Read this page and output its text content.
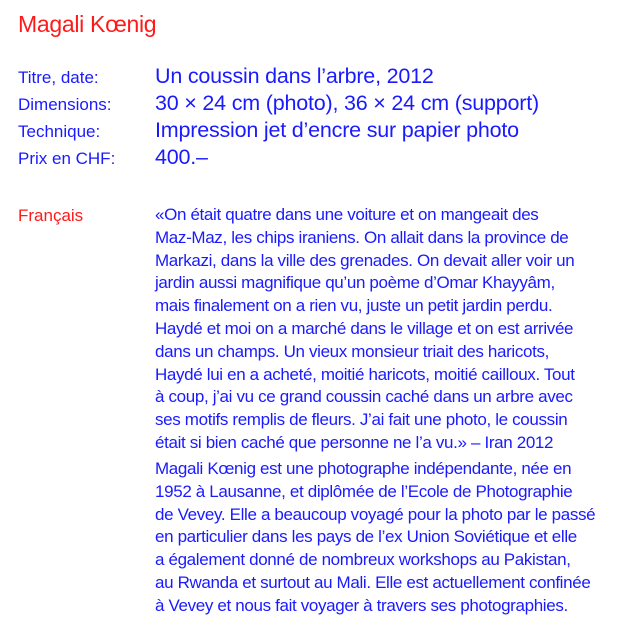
Magali Kœnig
Titre, date:	Un coussin dans l’arbre, 2012
Dimensions:	30 × 24 cm (photo), 36 × 24 cm (support)
Technique:	Impression jet d’encre sur papier photo
Prix en CHF:	400.–
Français	«On était quatre dans une voiture et on mangeait des
Maz-Maz, les chips iraniens. On allait dans la province de
Markazi, dans la ville des grenades. On devait aller voir un
jardin aussi magnifique qu’un poème d’Omar Khayyâm,
mais finalement on a rien vu, juste un petit jardin perdu.
Haydé et moi on a marché dans le village et on est arrivée
dans un champs. Un vieux monsieur triait des haricots,
Haydé lui en a acheté, moitié haricots, moitié cailloux. Tout
à coup, j’ai vu ce grand coussin caché dans un arbre avec
ses motifs remplis de fleurs. J’ai fait une photo, le coussin
était si bien caché que personne ne l’a vu.» – Iran 2012
Magali Kœnig est une photographe indépendante, née en
1952 à Lausanne, et diplômée de l’Ecole de Photographie
de Vevey. Elle a beaucoup voyagé pour la photo par le passé
en particulier dans les pays de l’ex Union Soviétique et elle
a également donné de nombreux workshops au Pakistan,
au Rwanda et surtout au Mali. Elle est actuellement confinée
à Vevey et nous fait voyager à travers ses photographies.
